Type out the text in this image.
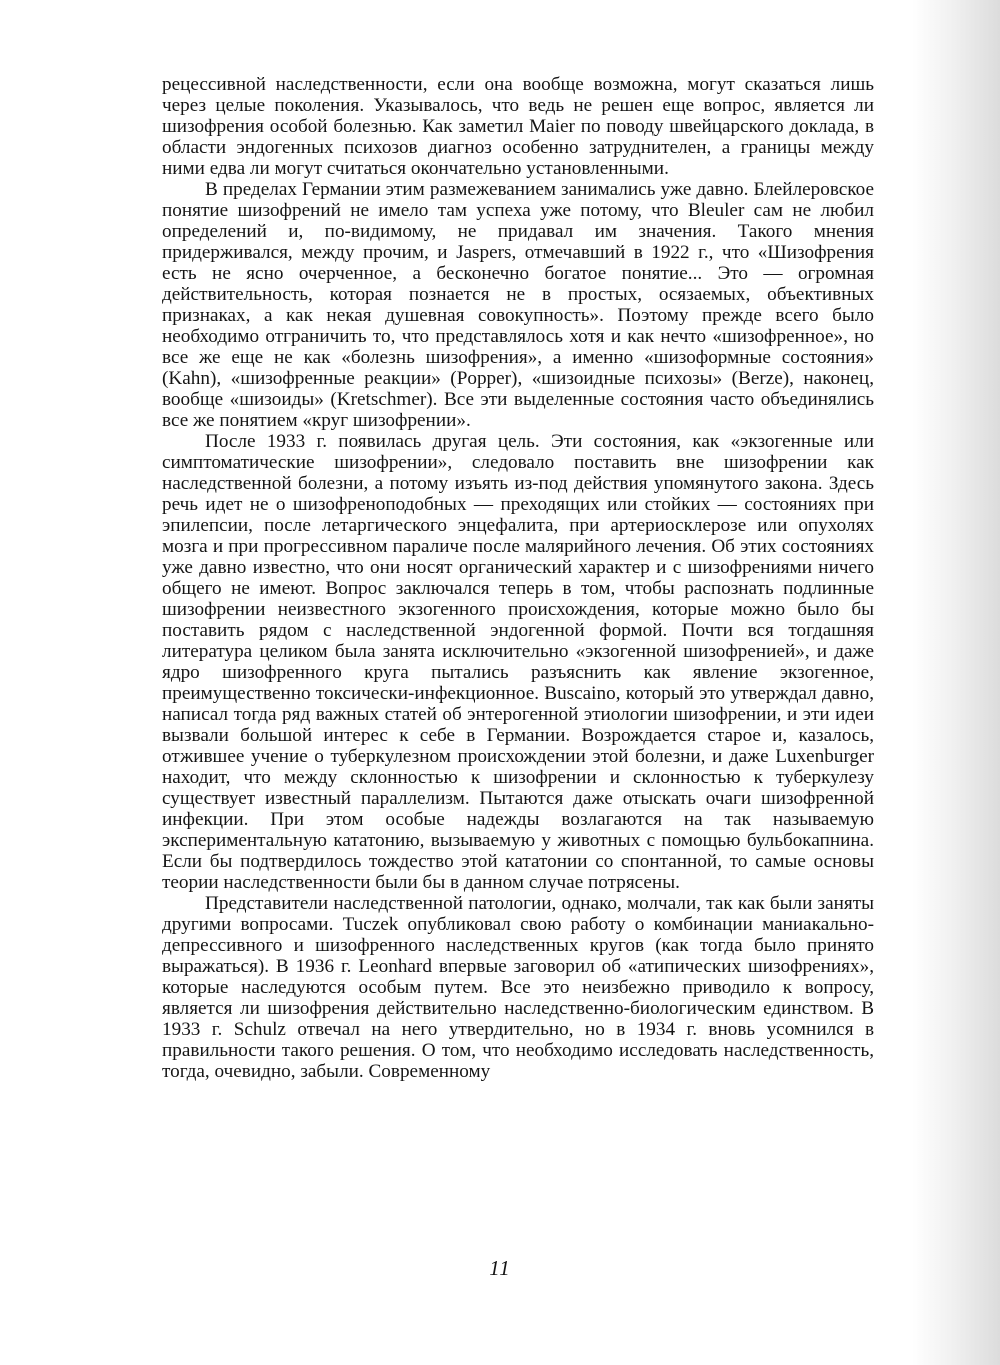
рецессивной наследственности, если она вообще возможна, могут сказаться лишь через целые поколения. Указывалось, что ведь не решен еще вопрос, является ли шизофрения особой болезнью. Как заметил Maier по поводу швейцарского доклада, в области эндогенных психозов диагноз особенно затруднителен, а границы между ними едва ли могут считаться окончательно установленными.

В пределах Германии этим размежеванием занимались уже давно. Блейлеровское понятие шизофрений не имело там успеха уже потому, что Bleuler сам не любил определений и, по-видимому, не придавал им значения. Такого мнения придерживался, между прочим, и Jaspers, отмечавший в 1922 г., что «Шизофрения есть не ясно очерченное, а бесконечно богатое понятие... Это — огромная действительность, которая познается не в простых, осязаемых, объективных признаках, а как некая душевная совокупность». Поэтому прежде всего было необходимо отграничить то, что представлялось хотя и как нечто «шизофренное», но все же еще не как «болезнь шизофрения», а именно «шизоформные состояния» (Kahn), «шизофренные реакции» (Popper), «шизоидные психозы» (Berze), наконец, вообще «шизоиды» (Kretschmer). Все эти выделенные состояния часто объединялись все же понятием «круг шизофрении».

После 1933 г. появилась другая цель. Эти состояния, как «экзогенные или симптоматические шизофрении», следовало поставить вне шизофрении как наследственной болезни, а потому изъять из-под действия упомянутого закона. Здесь речь идет не о шизофреноподобных — преходящих или стойких — состояниях при эпилепсии, после летаргического энцефалита, при артериосклерозе или опухолях мозга и при прогрессивном параличе после малярийного лечения. Об этих состояниях уже давно известно, что они носят органический характер и с шизофрениями ничего общего не имеют. Вопрос заключался теперь в том, чтобы распознать подлинные шизофрении неизвестного экзогенного происхождения, которые можно было бы поставить рядом с наследственной эндогенной формой. Почти вся тогдашняя литература целиком была занята исключительно «экзогенной шизофренией», и даже ядро шизофренного круга пытались разъяснить как явление экзогенное, преимущественно токсически-инфекционное. Buscaino, который это утверждал давно, написал тогда ряд важных статей об энтерогенной этиологии шизофрении, и эти идеи вызвали большой интерес к себе в Германии. Возрождается старое и, казалось, отжившее учение о туберкулезном происхождении этой болезни, и даже Luxenburger находит, что между склонностью к шизофрении и склонностью к туберкулезу существует известный параллелизм. Пытаются даже отыскать очаги шизофренной инфекции. При этом особые надежды возлагаются на так называемую экспериментальную кататонию, вызываемую у животных с помощью бульбокапнина. Если бы подтвердилось тождество этой кататонии со спонтанной, то самые основы теории наследственности были бы в данном случае потрясены.

Представители наследственной патологии, однако, молчали, так как были заняты другими вопросами. Tuczek опубликовал свою работу о комбинации маниакально-депрессивного и шизофренного наследственных кругов (как тогда было принято выражаться). В 1936 г. Leonhard впервые заговорил об «атипических шизофрениях», которые наследуются особым путем. Все это неизбежно приводило к вопросу, является ли шизофрения действительно наследственно-биологическим единством. В 1933 г. Schulz отвечал на него утвердительно, но в 1934 г. вновь усомнился в правильности такого решения. О том, что необходимо исследовать наследственность, тогда, очевидно, забыли. Современному

11
